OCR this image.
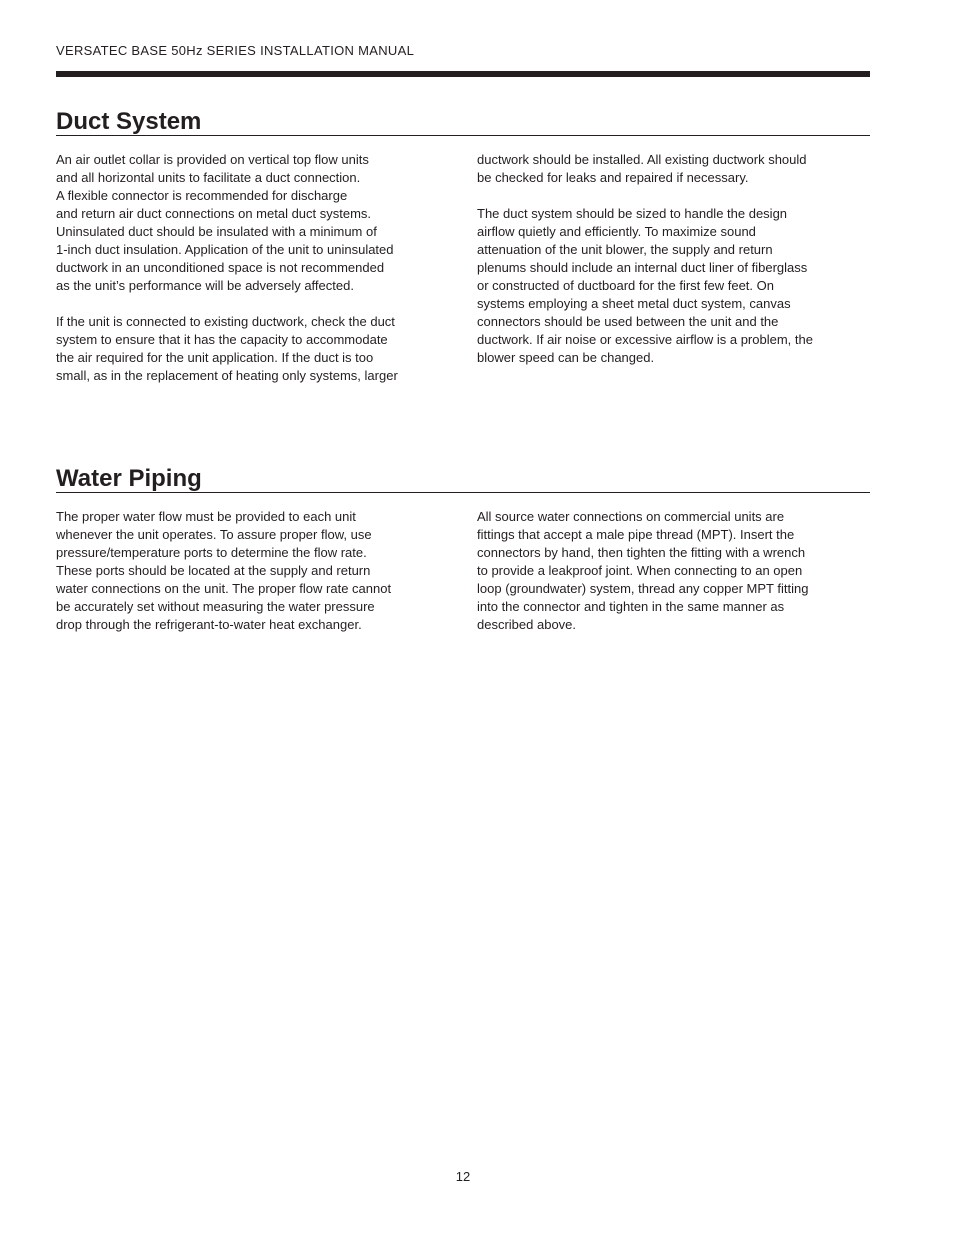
VERSATEC BASE 50Hz SERIES INSTALLATION MANUAL
Duct System

An air outlet collar is provided on vertical top flow units
and all horizontal units to facilitate a duct connection.
A flexible connector is recommended for discharge
and return air duct connections on metal duct systems.
Uninsulated duct should be insulated with a minimum of
1-inch duct insulation. Application of the unit to uninsulated
ductwork in an unconditioned space is not recommended
as the unit’s performance will be adversely affected.

If the unit is connected to existing ductwork, check the duct
system to ensure that it has the capacity to accommodate
the air required for the unit application. If the duct is too
small, as in the replacement of heating only systems, larger

ductwork should be installed. All existing ductwork should
be checked for leaks and repaired if necessary.

The duct system should be sized to handle the design
airflow quietly and efficiently. To maximize sound
attenuation of the unit blower, the supply and return
plenums should include an internal duct liner of fiberglass
or constructed of ductboard for the first few feet. On
systems employing a sheet metal duct system, canvas
connectors should be used between the unit and the
ductwork. If air noise or excessive airflow is a problem, the
blower speed can be changed.

Water Piping

The proper water flow must be provided to each unit
whenever the unit operates. To assure proper flow, use
pressure/temperature ports to determine the flow rate.
These ports should be located at the supply and return
water connections on the unit. The proper flow rate cannot
be accurately set without measuring the water pressure
drop through the refrigerant-to-water heat exchanger.

All source water connections on commercial units are
fittings that accept a male pipe thread (MPT). Insert the
connectors by hand, then tighten the fitting with a wrench
to provide a leakproof joint. When connecting to an open
loop (groundwater) system, thread any copper MPT fitting
into the connector and tighten in the same manner as
described above.

12
